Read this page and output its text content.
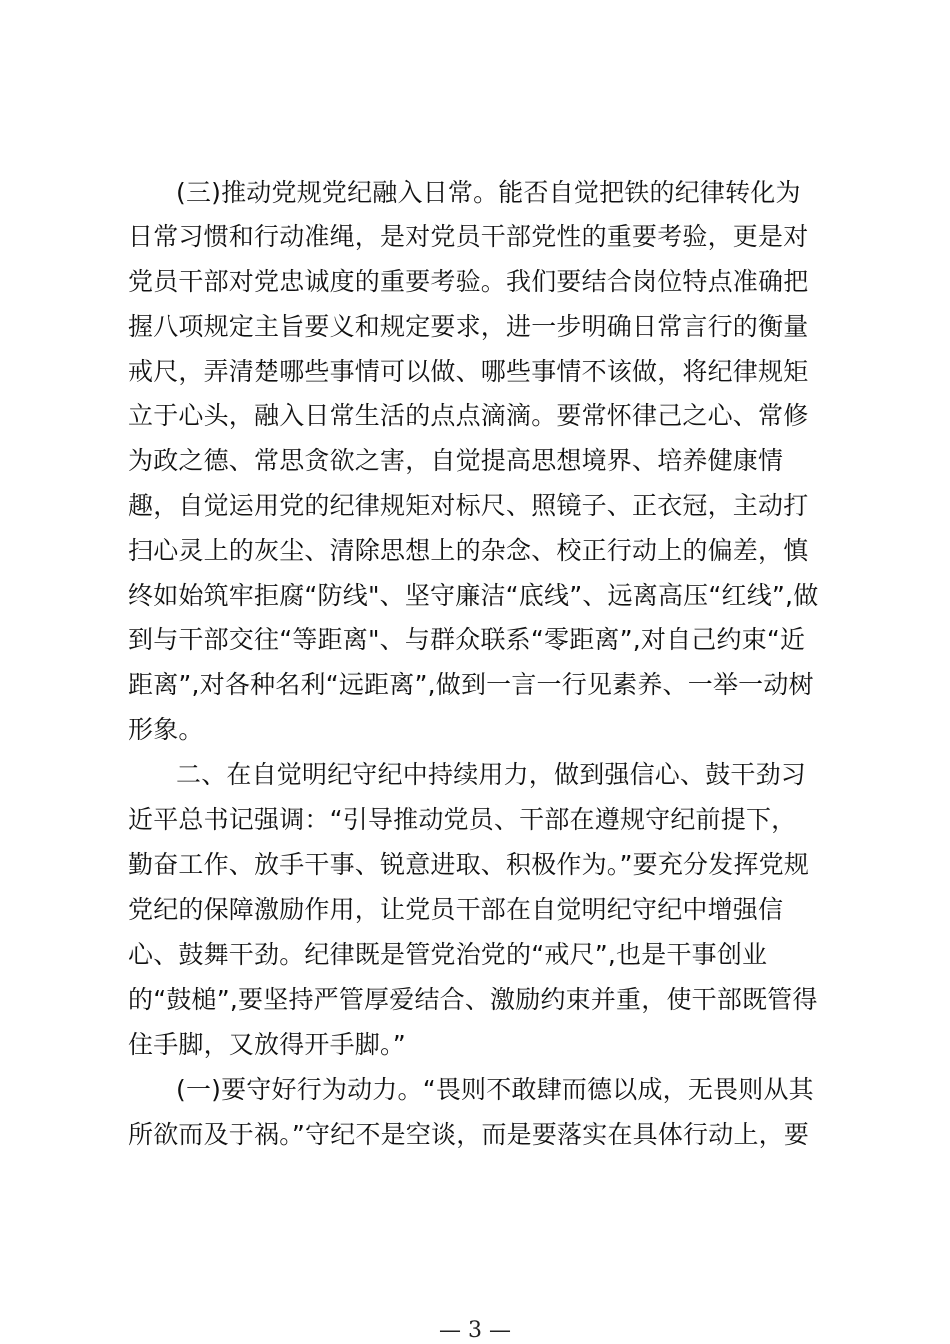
(三)推动党规党纪融入日常。能否自觉把铁的纪律转化为
日常习惯和行动准绳，是对党员干部党性的重要考验，更是对
党员干部对党忠诚度的重要考验。我们要结合岗位特点准确把
握八项规定主旨要义和规定要求，进一步明确日常言行的衡量
戒尺，弄清楚哪些事情可以做、哪些事情不该做，将纪律规矩
立于心头，融入日常生活的点点滴滴。要常怀律己之心、常修
为政之德、常思贪欲之害，自觉提高思想境界、培养健康情
趣，自觉运用党的纪律规矩对标尺、照镜子、正衣冠，主动打
扫心灵上的灰尘、清除思想上的杂念、校正行动上的偏差，慎
终如始筑牢拒腐“防线"、坚守廉洁“底线”、远离高压“红线”,做
到与干部交往“等距离"、与群众联系“零距离”,对自己约束“近
距离”,对各种名利“远距离”,做到一言一行见素养、一举一动树
形象。
二、在自觉明纪守纪中持续用力，做到强信心、鼓干劲习
近平总书记强调：“引导推动党员、干部在遵规守纪前提下，
勤奋工作、放手干事、锐意进取、积极作为。”要充分发挥党规
党纪的保障激励作用，让党员干部在自觉明纪守纪中增强信
心、鼓舞干劲。纪律既是管党治党的“戒尺”,也是干事创业
的“鼓槌”,要坚持严管厚爱结合、激励约束并重，使干部既管得
住手脚，又放得开手脚。”
(一)要守好行为动力。“畏则不敢肆而德以成，无畏则从其
所欲而及于祸。”守纪不是空谈，而是要落实在具体行动上，要
— 3 —
